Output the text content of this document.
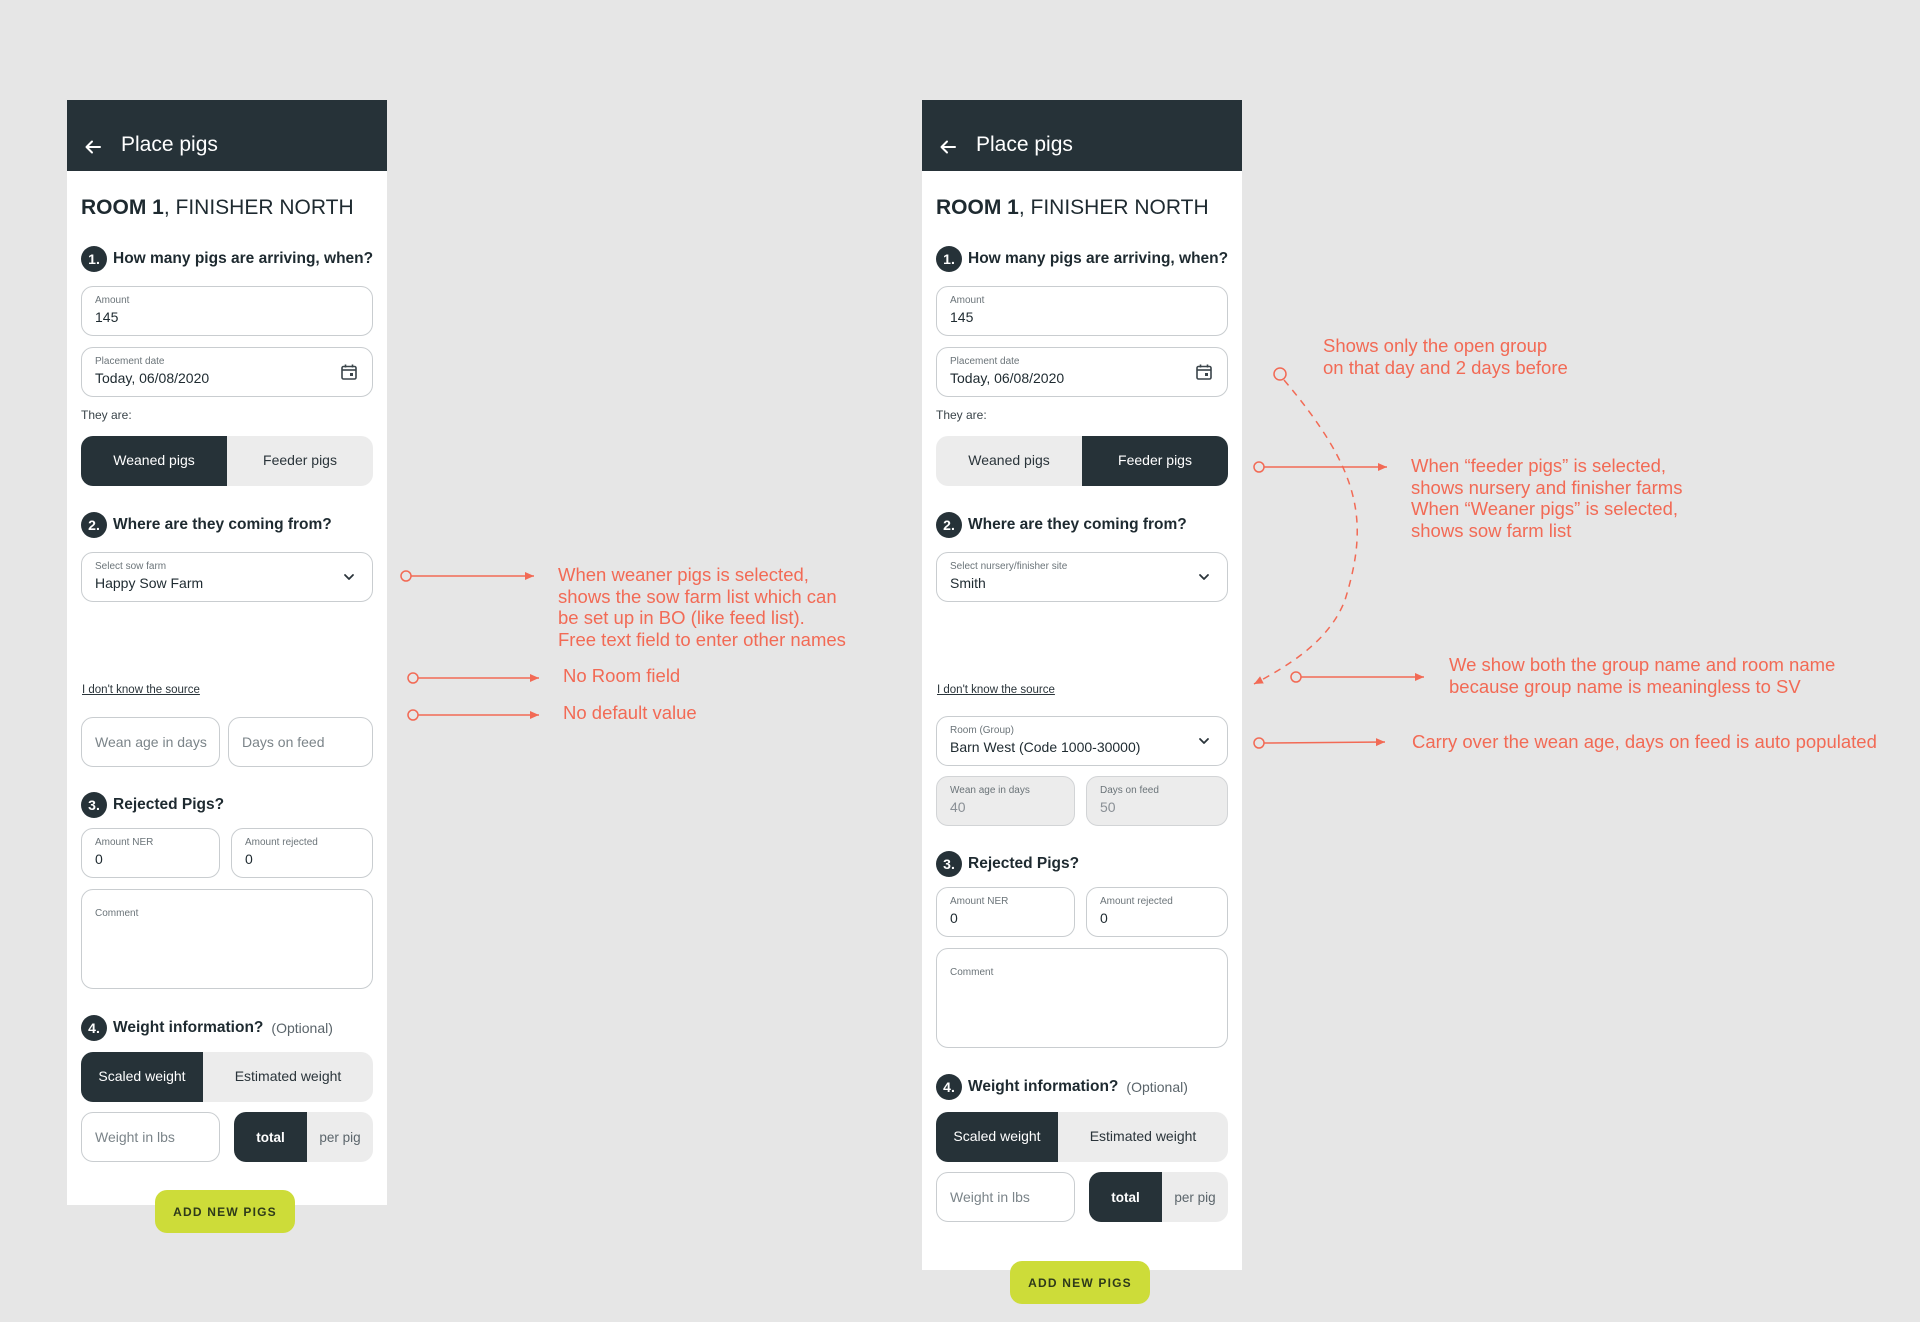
Place pigs
ROOM 1, FINISHER NORTH
1. How many pigs are arriving, when?
Amount
145
Placement date
Today, 06/08/2020
They are:
Weaned pigs	Feeder pigs
2. Where are they coming from?
Select sow farm
Happy Sow Farm
I don't know the source
Wean age in days	Days on feed
3. Rejected Pigs?
Amount NER
0
Amount rejected
0
Comment
4. Weight information? (Optional)
Scaled weight	Estimated weight
Weight in lbs	total	per pig
ADD NEW PIGS
Place pigs
ROOM 1, FINISHER NORTH
1. How many pigs are arriving, when?
Amount
145
Placement date
Today, 06/08/2020
They are:
Weaned pigs	Feeder pigs
2. Where are they coming from?
Select nursery/finisher site
Smith
I don't know the source
Room (Group)
Barn West (Code 1000-30000)
Wean age in days
40
Days on feed
50
3. Rejected Pigs?
Amount NER
0
Amount rejected
0
Comment
4. Weight information? (Optional)
Scaled weight	Estimated weight
Weight in lbs	total	per pig
ADD NEW PIGS
When weaner pigs is selected,
shows the sow farm list which can
be set up in BO (like feed list).
Free text field to enter other names
No Room field
No default value
Shows only the open group
on that day and 2 days before
When “feeder pigs” is selected,
shows nursery and finisher farms
When “Weaner pigs” is selected,
shows sow farm list
We show both the group name and room name
because group name is meaningless to SV
Carry over the wean age, days on feed is auto populated
